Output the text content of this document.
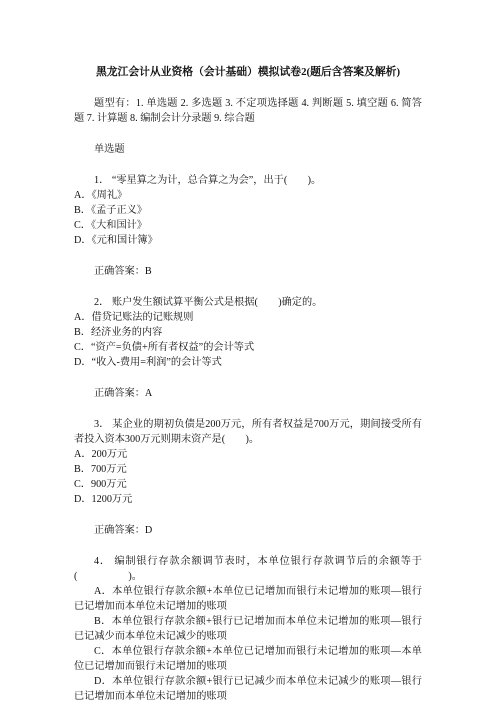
黑龙江会计从业资格（会计基础）模拟试卷2(题后含答案及解析)

题型有：1. 单选题 2. 多选题 3. 不定项选择题 4. 判断题 5. 填空题 6. 简答题 7. 计算题 8. 编制会计分录题 9. 综合题

单选题

1． “零星算之为计，总合算之为会”，出于(　　)。

A．《周礼》

B．《孟子正义》

C．《大和国计》

D．《元和国计簿》

正确答案：B

2． 账户发生额试算平衡公式是根据(　　)确定的。

A．借贷记账法的记账规则

B．经济业务的内容

C．“资产=负债+所有者权益”的会计等式

D．“收入-费用=利润”的会计等式

正确答案：A

3． 某企业的期初负债是200万元，所有者权益是700万元，期间接受所有者投入资本300万元则期末资产是(　　)。

A．200万元

B．700万元

C．900万元

D．1200万元

正确答案：D

4． 编制银行存款余额调节表时，本单位银行存款调节后的余额等于(　　　　　)。

A．本单位银行存款余额+本单位已记增加而银行未记增加的账项—银行已记增加而本单位未记增加的账项

B．本单位银行存款余额+银行已记增加而本单位未记增加的账项—银行已记减少而本单位未记减少的账项

C．本单位银行存款余额+本单位已记增加而银行未记增加的账项—本单位已记增加而银行未记增加的账项

D．本单位银行存款余额+银行已记减少而本单位未记减少的账项—银行已记增加而本单位未记增加的账项
